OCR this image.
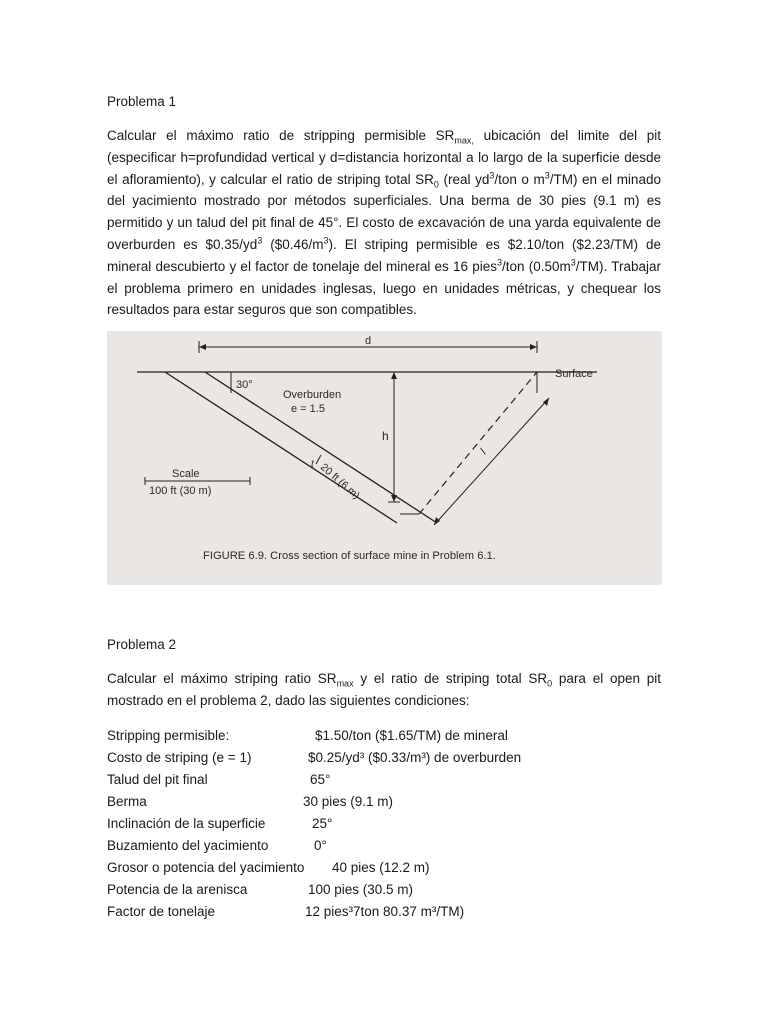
Problema 1

Calcular el máximo ratio de stripping permisible $SR_{max,}$ ubicación del limite del pit (especificar h=profundidad vertical y d=distancia horizontal a lo largo de la superficie desde el afloramiento), y calcular el ratio de striping total $SR_0$ (real $yd^3$/ton o $m^3/TM$) en el minado del yacimiento mostrado por métodos superficiales. Una berma de 30 pies (9.1 m) es permitido y un talud del pit final de 45°. El costo de excavación de una yarda equivalente de overburden es $\$0.35/yd^3$ $(\$0.46/m^3)$. El striping permisible es $2.10/ton ($2.23/TM) de mineral descubierto y el factor de tonelaje del mineral es 16 pies$^3$/ton $(0.50m^3/TM)$. Trabajar el problema primero en unidades inglesas, luego en unidades métricas, y chequear los resultados para estar seguros que son compatibles.

d
Surface
30°
h
Overburden
e = 1.5
t 20 ft (6 m)
l
Scale
100 ft (30 m)
FIGURE 6.9. Cross section of surface mine in Problem 6.1.
Problema 2

Calcular el máximo striping ratio $SR_{max}$ y el ratio de striping total $SR_0$ para el open pit mostrado en el problema 2, dado las siguientes condiciones:

Stripping permisible:	$1.50/ton ($1.65/TM) de mineral
Costo de striping (e = 1)	$0.25/yd³ ($0.33/m³) de overburden
Talud del pit final	65°
Berma	30 pies (9.1 m)
Inclinación de la superficie	25°
Buzamiento del yacimiento	0°
Grosor o potencia del yacimiento 40 pies (12.2 m)
Potencia de la arenisca	100 pies (30.5 m)
Factor de tonelaje	12 pies³7ton 80.37 m³/TM)
